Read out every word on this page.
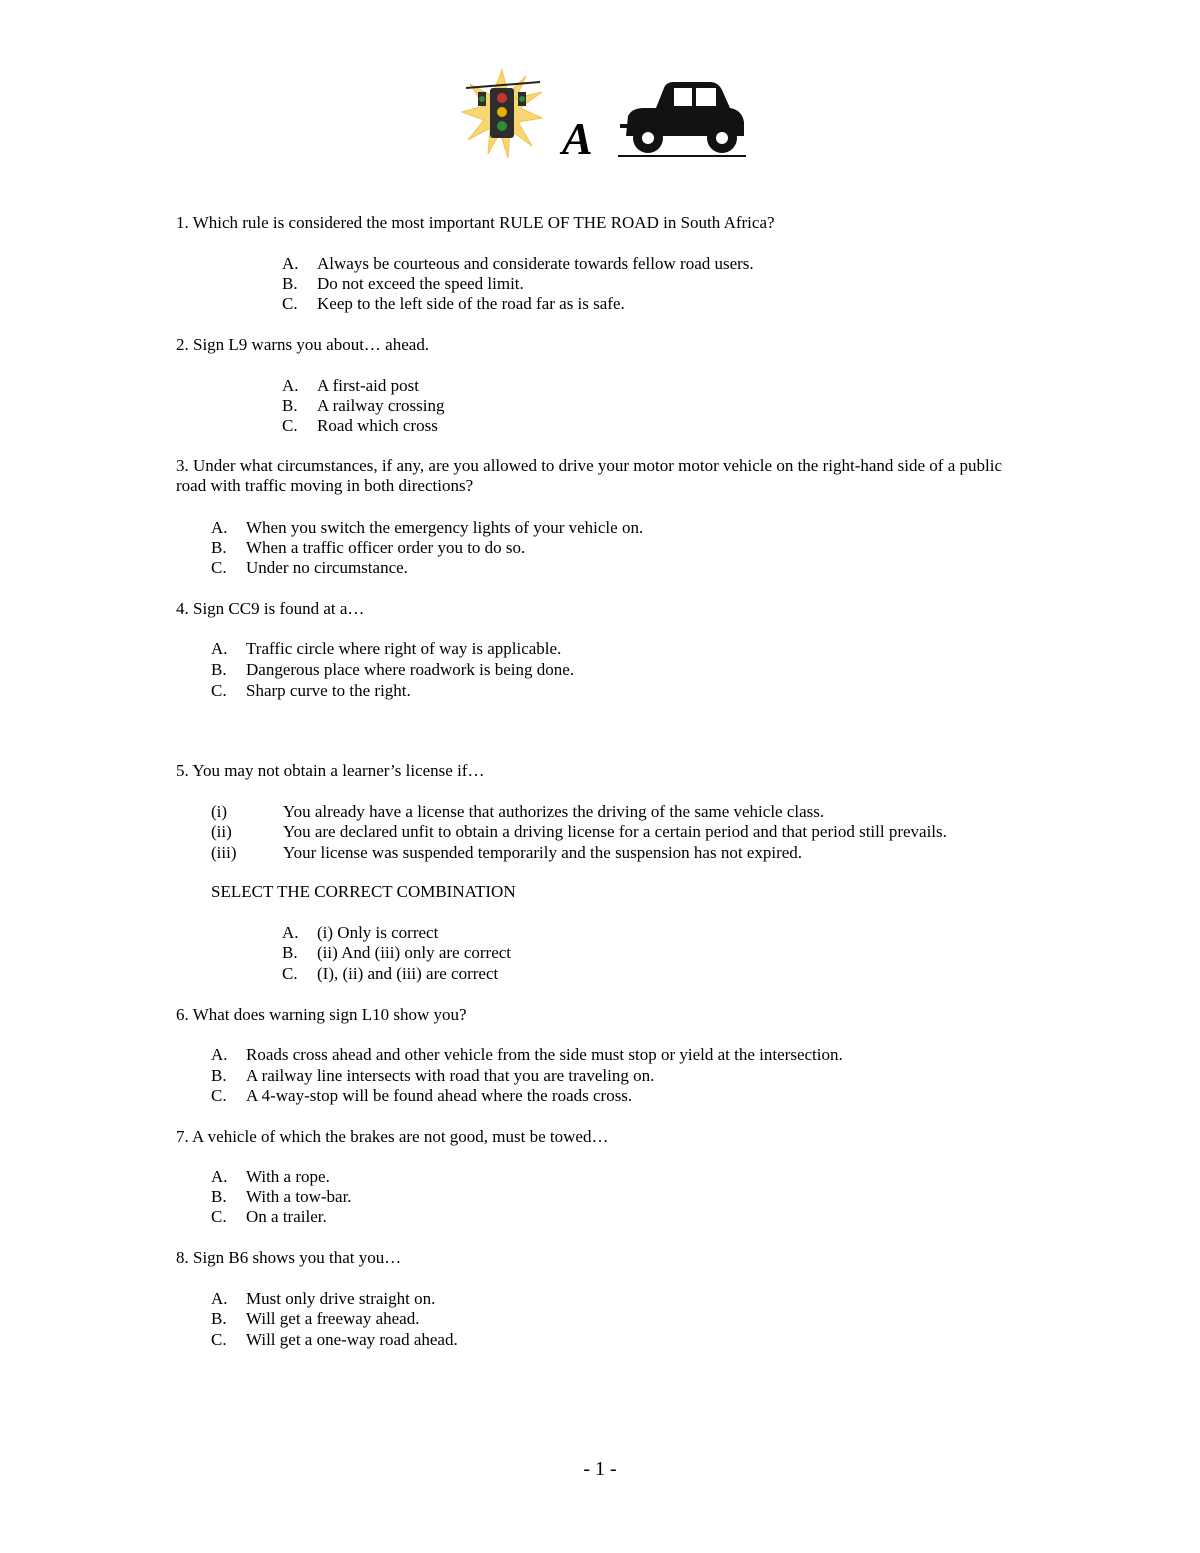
A
1. Which rule is considered the most important RULE OF THE ROAD in South Africa?
A. Always be courteous and considerate towards fellow road users.
B. Do not exceed the speed limit.
C. Keep to the left side of the road far as is safe.
2. Sign L9 warns you about… ahead.
A. A first-aid post
B. A railway crossing
C. Road which cross
3. Under what circumstances, if any, are you allowed to drive your motor motor vehicle on the right-hand side of a public road with traffic moving in both directions?
A. When you switch the emergency lights of your vehicle on.
B. When a traffic officer order you to do so.
C. Under no circumstance.
4. Sign CC9 is found at a…
A. Traffic circle where right of way is applicable.
B. Dangerous place where roadwork is being done.
C. Sharp curve to the right.
5. You may not obtain a learner’s license if…
(i)	You already have a license that authorizes the driving of the same vehicle class.
(ii)	You are declared unfit to obtain a driving license for a certain period and that period still prevails.
(iii)	Your license was suspended temporarily and the suspension has not expired.
SELECT THE CORRECT COMBINATION
A. (i) Only is correct
B. (ii) And (iii) only are correct
C. (I), (ii) and (iii) are correct
6. What does warning sign L10 show you?
A. Roads cross ahead and other vehicle from the side must stop or yield at the intersection.
B. A railway line intersects with road that you are traveling on.
C. A 4-way-stop will be found ahead where the roads cross.
7. A vehicle of which the brakes are not good, must be towed…
A. With a rope.
B. With a tow-bar.
C. On a trailer.
8. Sign B6 shows you that you…
A. Must only drive straight on.
B. Will get a freeway ahead.
C. Will get a one-way road ahead.
- 1 -
